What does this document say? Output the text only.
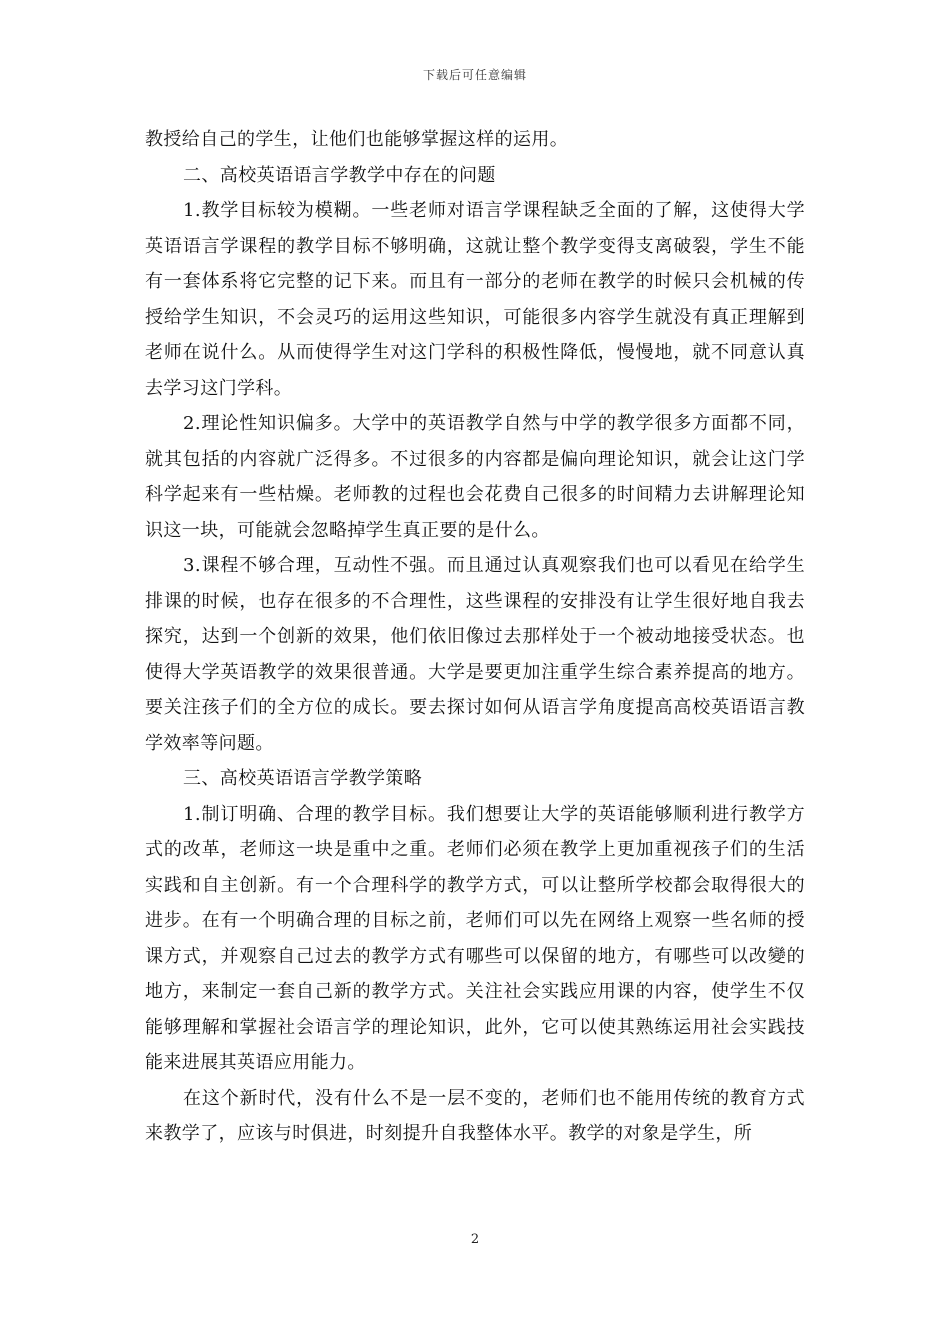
下载后可任意编辑

教授给自己的学生，让他们也能够掌握这样的运用。

二、高校英语语言学教学中存在的问题

1.教学目标较为模糊。一些老师对语言学课程缺乏全面的了解，这使得大学英语语言学课程的教学目标不够明确，这就让整个教学变得支离破裂，学生不能有一套体系将它完整的记下来。而且有一部分的老师在教学的时候只会机械的传授给学生知识，不会灵巧的运用这些知识，可能很多内容学生就没有真正理解到老师在说什么。从而使得学生对这门学科的积极性降低，慢慢地，就不同意认真去学习这门学科。

2.理论性知识偏多。大学中的英语教学自然与中学的教学很多方面都不同，就其包括的内容就广泛得多。不过很多的内容都是偏向理论知识，就会让这门学科学起来有一些枯燥。老师教的过程也会花费自己很多的时间精力去讲解理论知识这一块，可能就会忽略掉学生真正要的是什么。

3.课程不够合理，互动性不强。而且通过认真观察我们也可以看见在给学生排课的时候，也存在很多的不合理性，这些课程的安排没有让学生很好地自我去探究，达到一个创新的效果，他们依旧像过去那样处于一个被动地接受状态。也使得大学英语教学的效果很普通。大学是要更加注重学生综合素养提高的地方。要关注孩子们的全方位的成长。要去探讨如何从语言学角度提高高校英语语言教学效率等问题。

三、高校英语语言学教学策略

1.制订明确、合理的教学目标。我们想要让大学的英语能够顺利进行教学方式的改革，老师这一块是重中之重。老师们必须在教学上更加重视孩子们的生活实践和自主创新。有一个合理科学的教学方式，可以让整所学校都会取得很大的进步。在有一个明确合理的目标之前，老师们可以先在网络上观察一些名师的授课方式，并观察自己过去的教学方式有哪些可以保留的地方，有哪些可以改變的地方，来制定一套自己新的教学方式。关注社会实践应用课的内容，使学生不仅能够理解和掌握社会语言学的理论知识，此外，它可以使其熟练运用社会实践技能来进展其英语应用能力。

在这个新时代，没有什么不是一层不变的，老师们也不能用传统的教育方式来教学了，应该与时俱进，时刻提升自我整体水平。教学的对象是学生，所

2
